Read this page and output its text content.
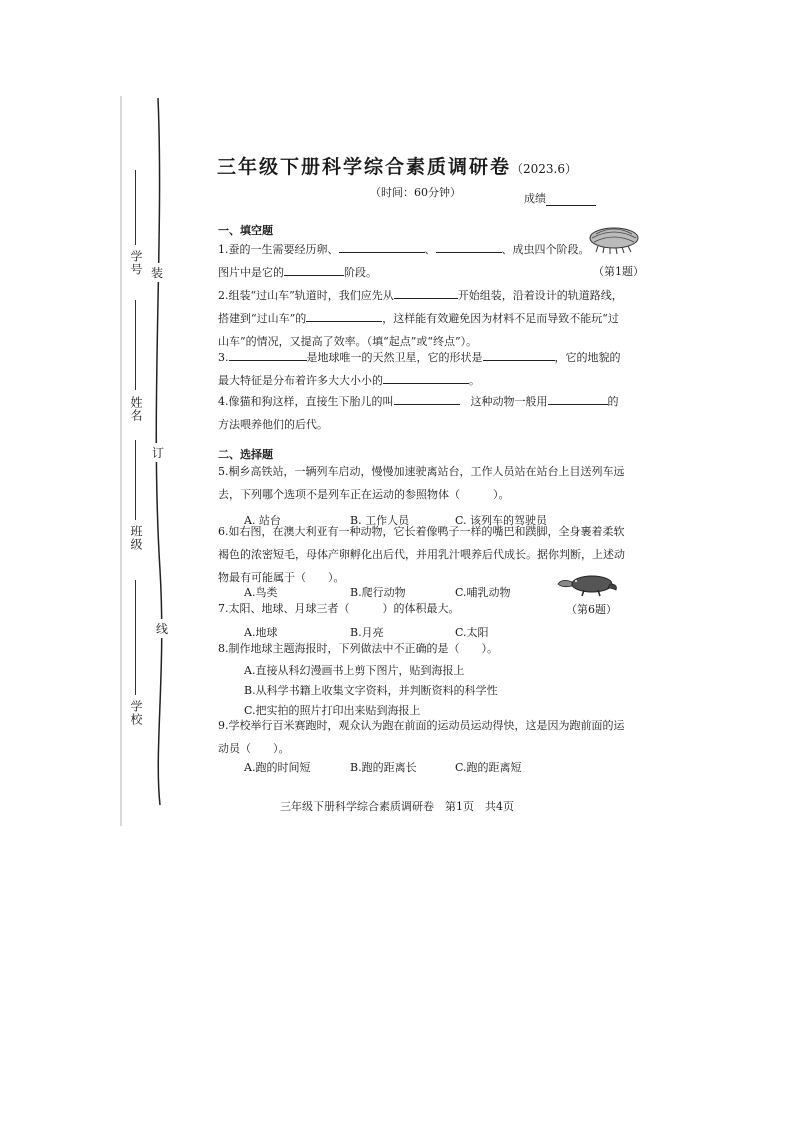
装
订
线
学号
姓名
班级
学校
三年级下册科学综合素质调研卷（2023.6）
（时间：60分钟）	成绩
一、填空题
1.蚕的一生需要经历卵、	、	、成虫四个阶段。
图片中是它的	阶段。	（第1题）
2.组装“过山车”轨道时，我们应先从	开始组装，沿着设计的轨道路线，
搭建到“过山车”的	，这样能有效避免因为材料不足而导致不能玩“过
山车”的情况，又提高了效率。（填“起点”或“终点”）。
3.	是地球唯一的天然卫星，它的形状是	，它的地貌的
最大特征是分布着许多大大小小的	。
4.像猫和狗这样，直接生下胎儿的叫　	这种动物一般用	的
方法喂养他们的后代。
二、选择题
5.桐乡高铁站，一辆列车启动，慢慢加速驶离站台，工作人员站在站台上目送列车远
去，下列哪个选项不是列车正在运动的参照物体（　　　）。
A. 站台	B. 工作人员	C. 该列车的驾驶员
6.如右图，在澳大利亚有一种动物，它长着像鸭子一样的嘴巴和蹼脚，全身裹着柔软
褐色的浓密短毛，母体产卵孵化出后代，并用乳汁喂养后代成长。据你判断，上述动
物最有可能属于（　　）。
A.鸟类	B.爬行动物	C.哺乳动物
（第6题）
7.太阳、地球、月球三者（　　　）的体积最大。
A.地球	B.月亮	C.太阳
8.制作地球主题海报时，下列做法中不正确的是（　　）。
A.直接从科幻漫画书上剪下图片，贴到海报上
B.从科学书籍上收集文字资料，并判断资料的科学性
C.把实拍的照片打印出来贴到海报上
9.学校举行百米赛跑时，观众认为跑在前面的运动员运动得快，这是因为跑前面的运
动员（　　）。
A.跑的时间短	B.跑的距离长	C.跑的距离短
三年级下册科学综合素质调研卷　第1页　共4页
